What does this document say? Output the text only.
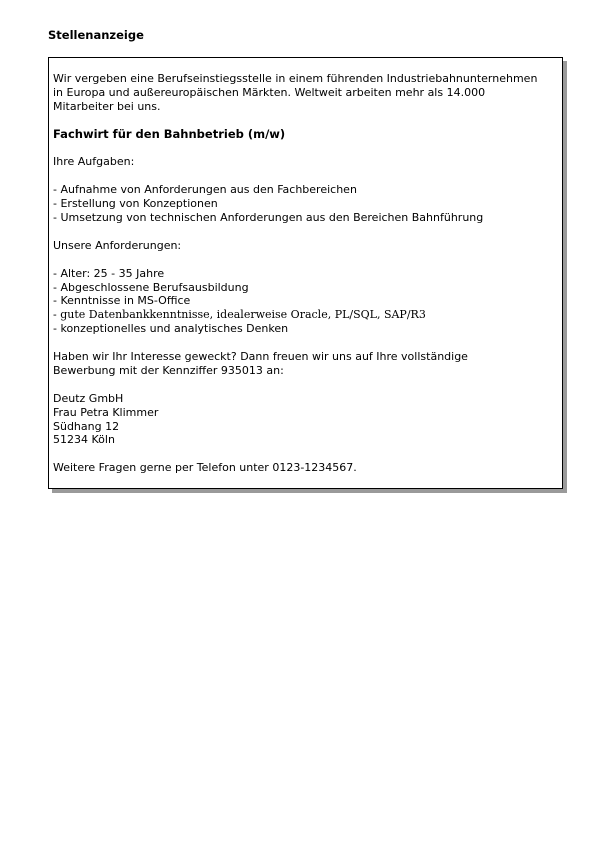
Stellenanzeige

Wir vergeben eine Berufseinstiegsstelle in einem führenden Industriebahnunternehmen

in Europa und außereuropäischen Märkten. Weltweit arbeiten mehr als 14.000

Mitarbeiter bei uns.

Fachwirt für den Bahnbetrieb (m/w)

Ihre Aufgaben:

- Aufnahme von Anforderungen aus den Fachbereichen
- Erstellung von Konzeptionen
- Umsetzung von technischen Anforderungen aus den Bereichen Bahnführung

Unsere Anforderungen:

- Alter: 25 - 35 Jahre
- Abgeschlossene Berufsausbildung
- Kenntnisse in MS-Office
- gute Datenbankkenntnisse, idealerweise Oracle, PL/SQL, SAP/R3
- konzeptionelles und analytisches Denken

Haben wir Ihr Interesse geweckt? Dann freuen wir uns auf Ihre vollständige

Bewerbung mit der Kennziffer 935013 an:

Deutz GmbH

Frau Petra Klimmer

Südhang 12

51234 Köln

Weitere Fragen gerne per Telefon unter 0123-1234567.
